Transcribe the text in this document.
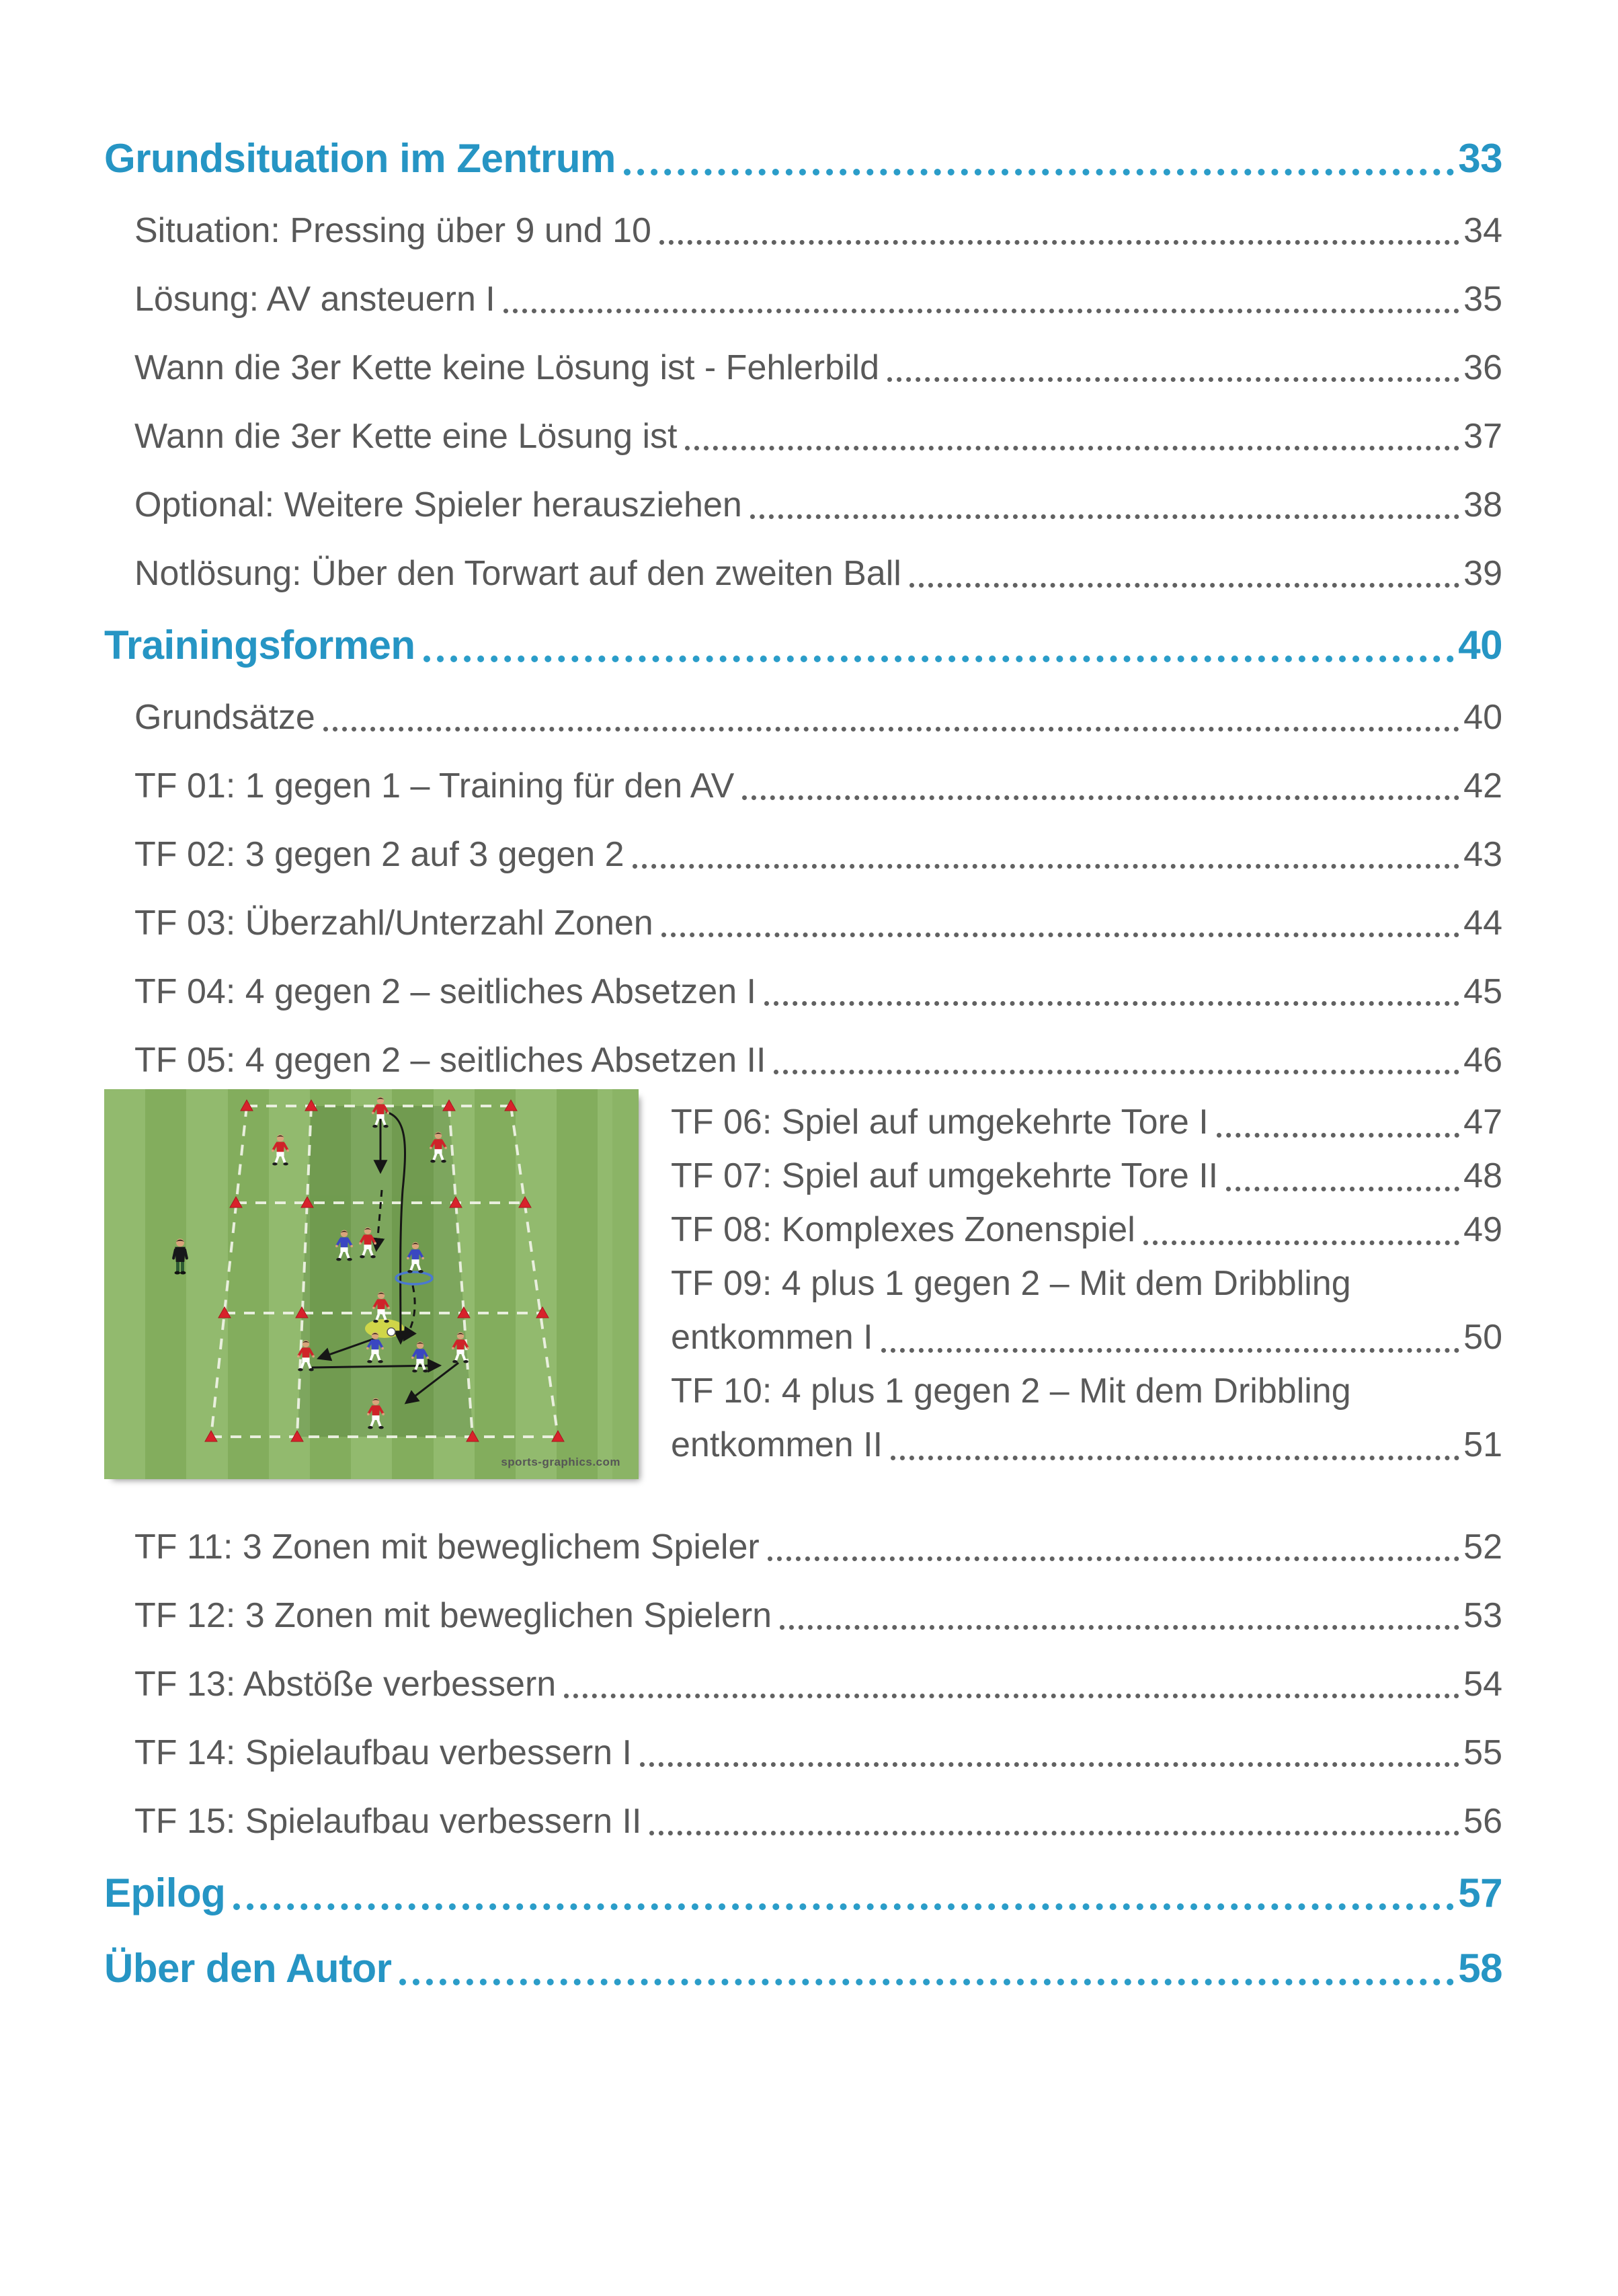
Grundsituation im Zentrum	33
Situation: Pressing über 9 und 10	34
Lösung: AV ansteuern I	35
Wann die 3er Kette keine Lösung ist - Fehlerbild	36
Wann die 3er Kette eine Lösung ist	37
Optional: Weitere Spieler herausziehen	38
Notlösung: Über den Torwart auf den zweiten Ball	39
Trainingsformen	40
Grundsätze	40
TF 01: 1 gegen 1 – Training für den AV	42
TF 02: 3 gegen 2 auf 3 gegen 2	43
TF 03: Überzahl/Unterzahl Zonen	44
TF 04: 4 gegen 2 – seitliches Absetzen I	45
TF 05: 4 gegen 2 – seitliches Absetzen II	46
sports-graphics.com
TF 06: Spiel auf umgekehrte Tore I	47
TF 07: Spiel auf umgekehrte Tore II	48
TF 08: Komplexes Zonenspiel	49
TF 09: 4 plus 1 gegen 2 – Mit dem Dribbling
entkommen I	50
TF 10: 4 plus 1 gegen 2 – Mit dem Dribbling
entkommen II	51
TF 11: 3 Zonen mit beweglichem Spieler	52
TF 12: 3 Zonen mit beweglichen Spielern	53
TF 13: Abstöße verbessern	54
TF 14: Spielaufbau verbessern I	55
TF 15: Spielaufbau verbessern II	56
Epilog	57
Über den Autor	58
